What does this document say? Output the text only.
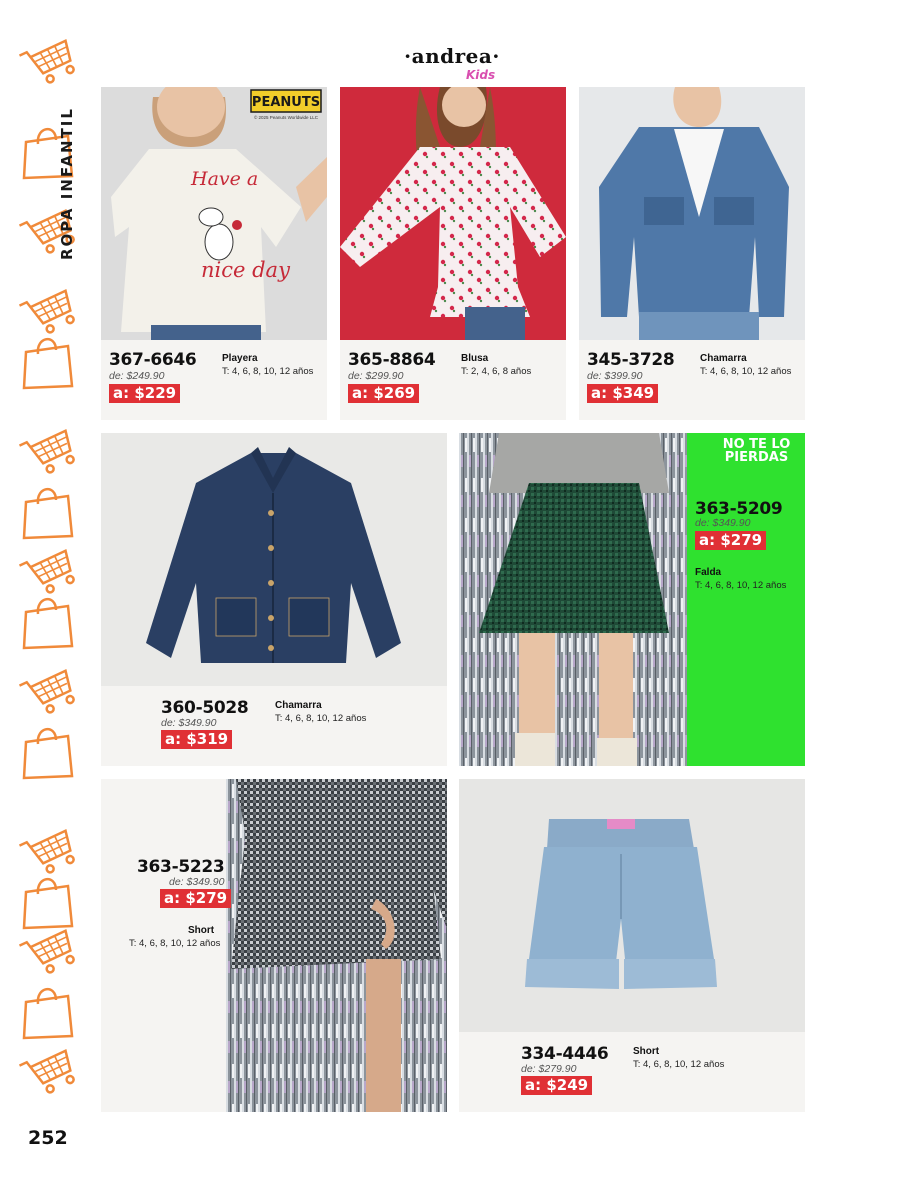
ROPA INFANTIL
·andrea·
Kids
PEANUTS
© 2025 Peanuts Worldwide LLC
Have a
nice day
367-6646
de: $249.90
a: $229
Playera
T: 4, 6, 8, 10, 12 años
365-8864
de: $299.90
a: $269
Blusa
T: 2, 4, 6, 8 años
345-3728
de: $399.90
a: $349
Chamarra
T: 4, 6, 8, 10, 12 años
360-5028
de: $349.90
a: $319
Chamarra
T: 4, 6, 8, 10, 12 años
NO TE LO
PIERDAS
363-5209
de: $349.90
a: $279
Falda
T: 4, 6, 8, 10, 12 años
363-5223
de: $349.90
a: $279
Short
T: 4, 6, 8, 10, 12 años
334-4446
de: $279.90
a: $249
Short
T: 4, 6, 8, 10, 12 años
252
